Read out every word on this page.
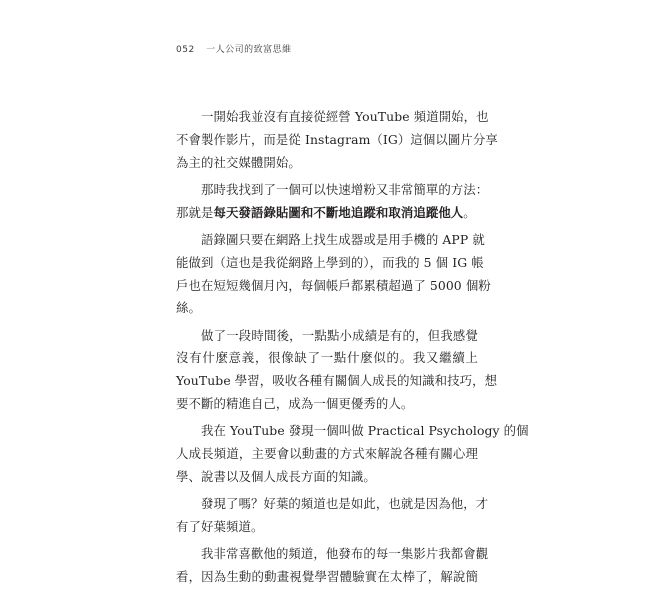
052 一人公司的致富思維
一開始我並沒有直接從經營 YouTube 頻道開始，也
不會製作影片，而是從 Instagram（IG）這個以圖片分享
為主的社交媒體開始。
那時我找到了一個可以快速增粉又非常簡單的方法：
那就是每天發語錄貼圖和不斷地追蹤和取消追蹤他人。
語錄圖只要在網路上找生成器或是用手機的 APP 就
能做到（這也是我從網路上學到的），而我的 5 個 IG 帳
戶也在短短幾個月內，每個帳戶都累積超過了 5000 個粉
絲。
做了一段時間後，一點點小成績是有的，但我感覺
沒有什麼意義，很像缺了一點什麼似的。我又繼續上
YouTube 學習，吸收各種有關個人成長的知識和技巧，想
要不斷的精進自己，成為一個更優秀的人。
我在 YouTube 發現一個叫做 Practical Psychology 的個
人成長頻道，主要會以動畫的方式來解說各種有關心理
學、說書以及個人成長方面的知識。
發現了嗎？好葉的頻道也是如此，也就是因為他，才
有了好葉頻道。
我非常喜歡他的頻道，他發布的每一集影片我都會觀
看，因為生動的動畫視覺學習體驗實在太棒了，解說簡
